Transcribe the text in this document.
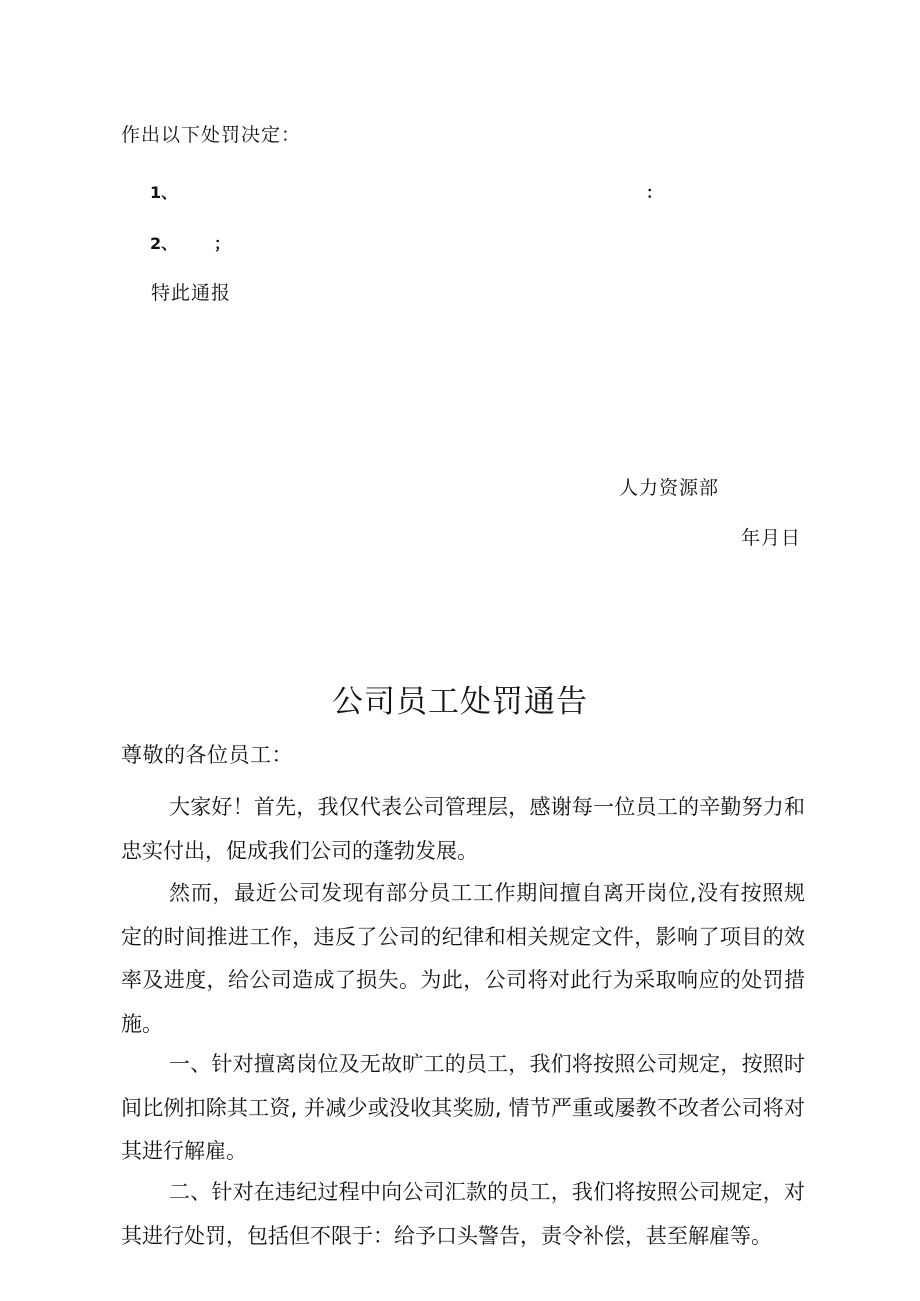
作出以下处罚决定：
1、	：
2、 ；
特此通报
人力资源部
年月日
公司员工处罚通告
尊敬的各位员工：

大家好！首先，我仅代表公司管理层，感谢每一位员工的辛勤努力和忠实付出，促成我们公司的蓬勃发展。

然而，最近公司发现有部分员工工作期间擅自离开岗位,没有按照规定的时间推进工作，违反了公司的纪律和相关规定文件，影响了项目的效率及进度，给公司造成了损失。为此，公司将对此行为采取响应的处罚措施。

一、针对擅离岗位及无故旷工的员工，我们将按照公司规定，按照时间比例扣除其工资, 并减少或没收其奖励, 情节严重或屡教不改者公司将对其进行解雇。

二、针对在违纪过程中向公司汇款的员工，我们将按照公司规定，对其进行处罚，包括但不限于：给予口头警告，责令补偿，甚至解雇等。
